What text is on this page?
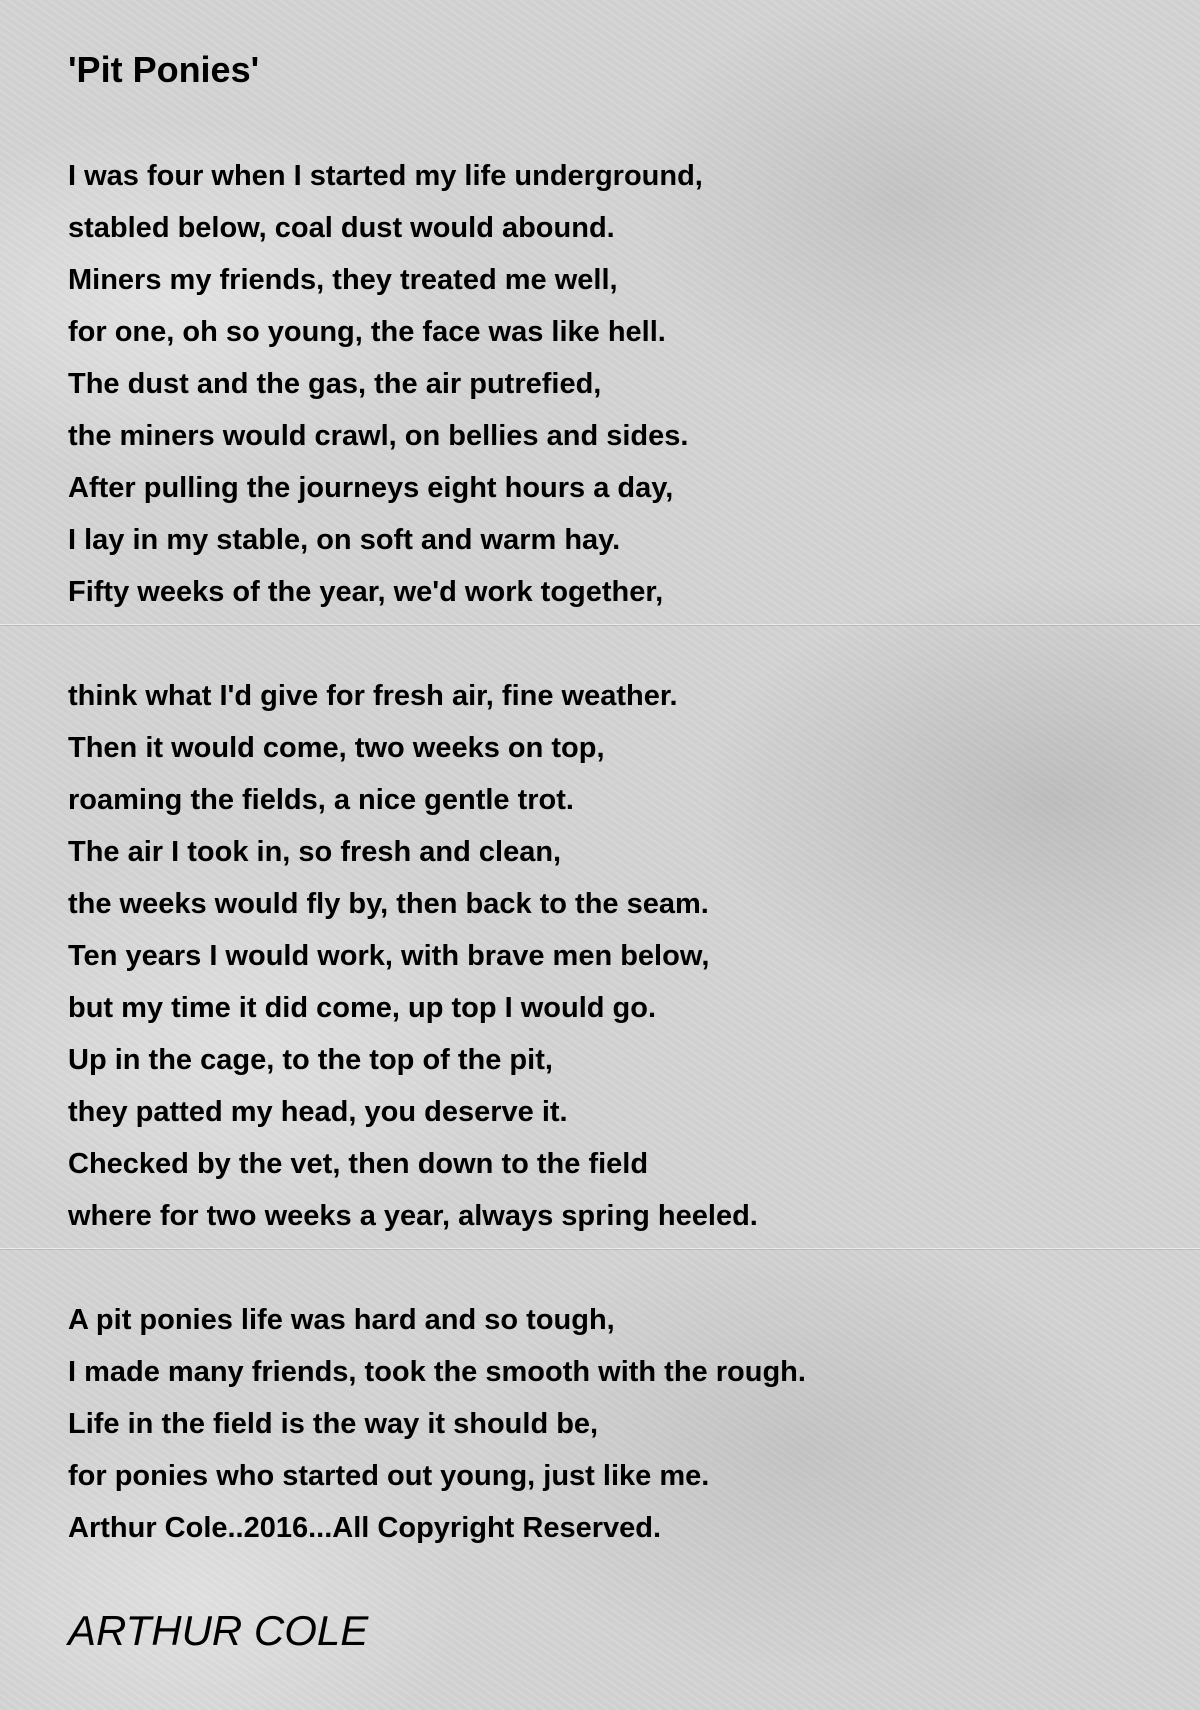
'Pit Ponies'
I was four when I started my life underground,
stabled below, coal dust would abound.
Miners my friends, they treated me well,
for one, oh so young, the face was like hell.
The dust and the gas, the air putrefied,
the miners would crawl, on bellies and sides.
After pulling the journeys eight hours a day,
I lay in my stable, on soft and warm hay.
Fifty weeks of the year, we'd work together,
think what I'd give for fresh air, fine weather.
Then it would come, two weeks on top,
roaming the fields, a nice gentle trot.
The air I took in, so fresh and clean,
the weeks would fly by, then back to the seam.
Ten years I would work, with brave men below,
but my time it did come, up top I would go.
Up in the cage, to the top of the pit,
they patted my head, you deserve it.
Checked by the vet, then down to the field
where for two weeks a year, always spring heeled.
A pit ponies life was hard and so tough,
I made many friends, took the smooth with the rough.
Life in the field is the way it should be,
for ponies who started out young, just like me.
Arthur Cole..2016...All Copyright Reserved.
ARTHUR COLE
